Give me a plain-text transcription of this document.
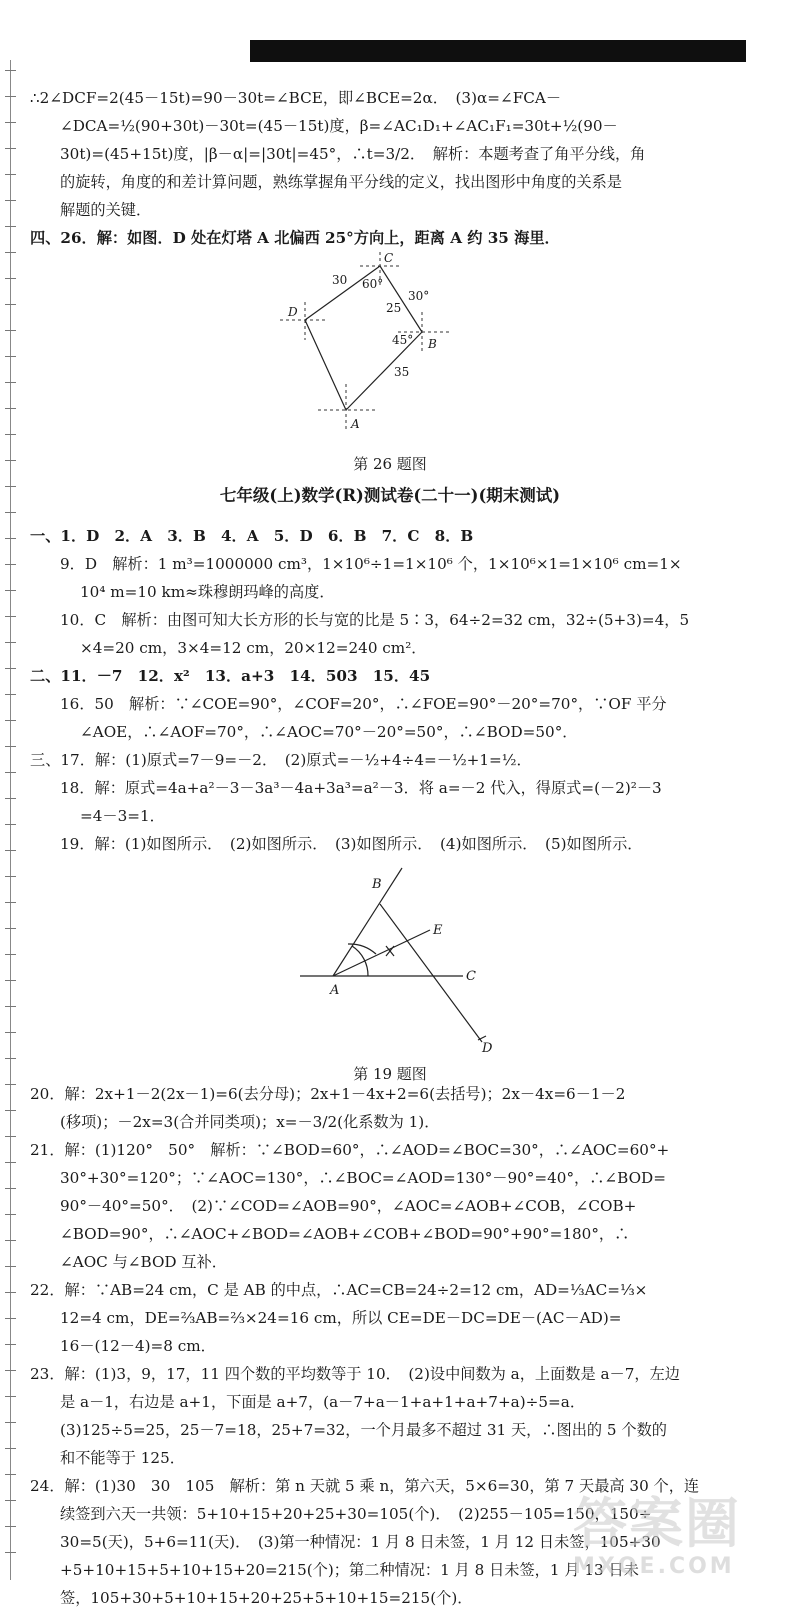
∴2∠DCF=2(45－15t)=90－30t=∠BCE，即∠BCE=2α．　(3)α=∠FCA－
∠DCA=½(90+30t)－30t=(45－15t)度，β=∠AC₁D₁+∠AC₁F₁=30t+½(90－
30t)=(45+15t)度，|β－α|=|30t|=45°，∴t=3/2．　解析：本题考查了角平分线，角
的旋转，角度的和差计算问题，熟练掌握角平分线的定义，找出图形中角度的关系是
解题的关键．
四、26．解：如图．D 处在灯塔 A 北偏西 25°方向上，距离 A 约 35 海里．
C
D
B
A
30 60°
25
30°
45°
35
第 26 题图
七年级(上)数学(R)测试卷(二十一)(期末测试)
一、1．D　2．A　3．B　4．A　5．D　6．B　7．C　8．B
9．D　解析：1 m³=1000000 cm³，1×10⁶÷1=1×10⁶ 个，1×10⁶×1=1×10⁶ cm=1×
10⁴ m=10 km≈珠穆朗玛峰的高度．
10．C　解析：由图可知大长方形的长与宽的比是 5∶3，64÷2=32 cm，32÷(5+3)=4，5
×4=20 cm，3×4=12 cm，20×12=240 cm²．
二、11．－7　12．x²　13．a+3　14．503　15．45
16．50　解析：∵∠COE=90°，∠COF=20°，∴∠FOE=90°－20°=70°，∵OF 平分
∠AOE，∴∠AOF=70°，∴∠AOC=70°－20°=50°，∴∠BOD=50°．
三、17．解：(1)原式=7－9=－2．　(2)原式=－½+4÷4=－½+1=½．
18．解：原式=4a+a²－3－3a³－4a+3a³=a²－3．将 a=－2 代入，得原式=(－2)²－3
=4－3=1．
19．解：(1)如图所示．　(2)如图所示．　(3)如图所示．　(4)如图所示．　(5)如图所示．
B
E
A
C
D
第 19 题图
20．解：2x+1－2(2x－1)=6(去分母)；2x+1－4x+2=6(去括号)；2x－4x=6－1－2
(移项)；－2x=3(合并同类项)；x=－3/2(化系数为 1)．
21．解：(1)120°　50°　解析：∵∠BOD=60°，∴∠AOD=∠BOC=30°，∴∠AOC=60°+
30°+30°=120°；∵∠AOC=130°，∴∠BOC=∠AOD=130°－90°=40°，∴∠BOD=
90°－40°=50°．　(2)∵∠COD=∠AOB=90°，∠AOC=∠AOB+∠COB，∠COB+
∠BOD=90°，∴∠AOC+∠BOD=∠AOB+∠COB+∠BOD=90°+90°=180°，∴
∠AOC 与∠BOD 互补．
22．解：∵AB=24 cm，C 是 AB 的中点，∴AC=CB=24÷2=12 cm，AD=⅓AC=⅓×
12=4 cm，DE=⅔AB=⅔×24=16 cm，所以 CE=DE－DC=DE－(AC－AD)=
16－(12－4)=8 cm．
23．解：(1)3，9，17，11 四个数的平均数等于 10．　(2)设中间数为 a，上面数是 a－7，左边
是 a－1，右边是 a+1，下面是 a+7，(a－7+a－1+a+1+a+7+a)÷5=a．
(3)125÷5=25，25－7=18，25+7=32，一个月最多不超过 31 天，∴图出的 5 个数的
和不能等于 125．
24．解：(1)30　30　105　解析：第 n 天就 5 乘 n，第六天，5×6=30，第 7 天最高 30 个，连
续签到六天一共领：5+10+15+20+25+30=105(个)．　(2)255－105=150，150÷
30=5(天)，5+6=11(天)．　(3)第一种情况：1 月 8 日未签，1 月 12 日未签，105+30
+5+10+15+5+10+15+20=215(个)；第二种情况：1 月 8 日未签，1 月 13 日未
签，105+30+5+10+15+20+25+5+10+15=215(个)．
答案圈
MXQE.COM
